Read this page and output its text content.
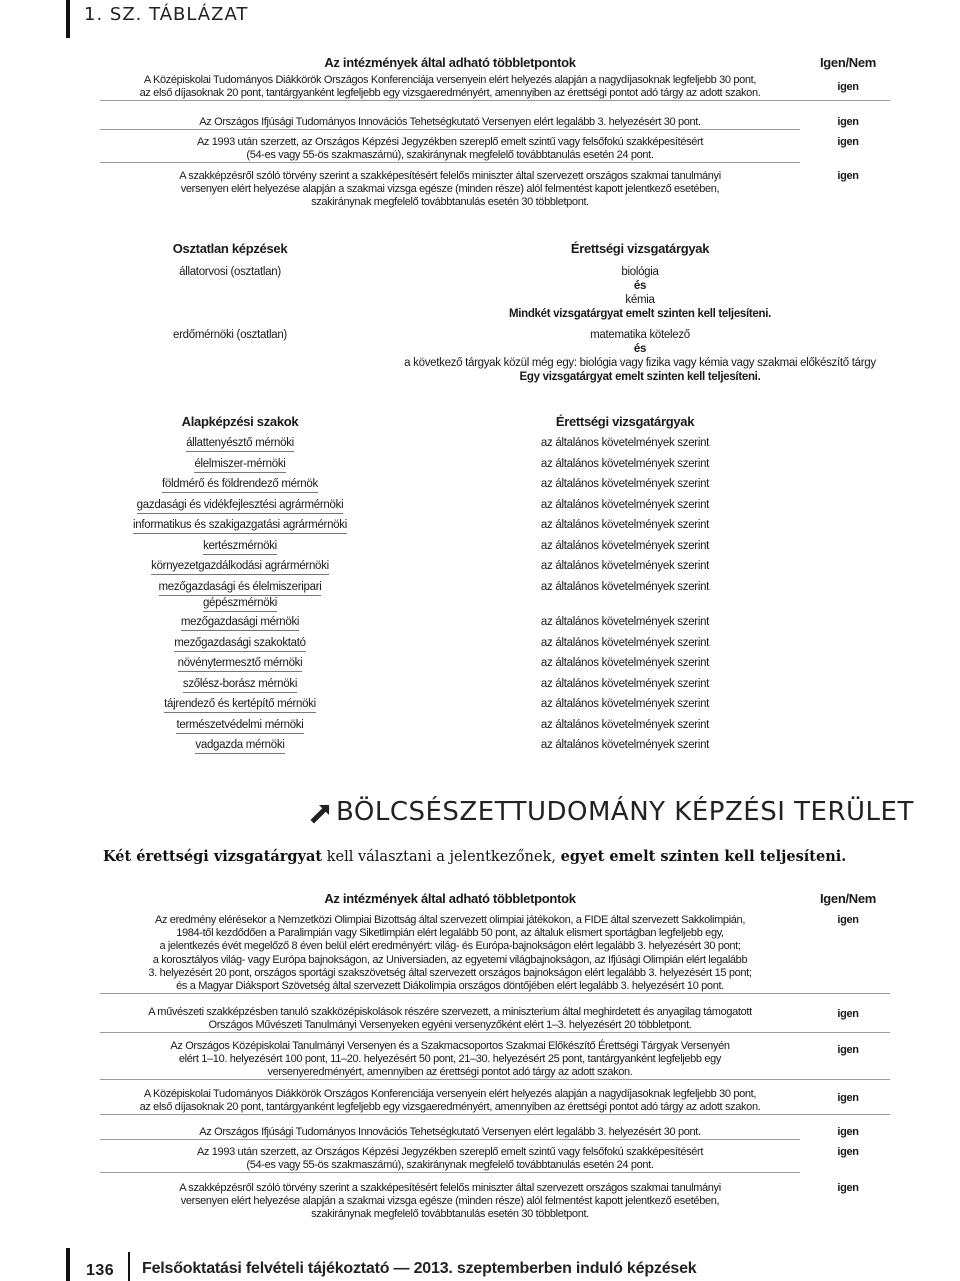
1. SZ. TÁBLÁZAT
Az intézmények által adható többletpontok	Igen/Nem
A Középiskolai Tudományos Diákkörök Országos Konferenciája versenyein elért helyezés alapján a nagydíjasoknak legfeljebb 30 pont,
az első díjasoknak 20 pont, tantárgyanként legfeljebb egy vizsgaeredményért, amennyiben az érettségi pontot adó tárgy az adott szakon.
igen
Az Országos Ifjúsági Tudományos Innovációs Tehetségkutató Versenyen elért legalább 3. helyezésért 30 pont.	igen
Az 1993 után szerzett, az Országos Képzési Jegyzékben szereplő emelt szintű vagy felsőfokú szakképesítésért
(54-es vagy 55-ös szakmaszámú), szakiránynak megfelelő továbbtanulás esetén 24 pont.
igen
A szakképzésről szóló törvény szerint a szakképesítésért felelős miniszter által szervezett országos szakmai tanulmányi
versenyen elért helyezése alapján a szakmai vizsga egésze (minden része) alól felmentést kapott jelentkező esetében,
szakiránynak megfelelő továbbtanulás esetén 30 többletpont.
igen
Osztatlan képzések	Érettségi vizsgatárgyak
állatorvosi (osztatlan)	biológia
és
kémia
Mindkét vizsgatárgyat emelt szinten kell teljesíteni.
erdőmérnöki (osztatlan)	matematika kötelező
és
a következő tárgyak közül még egy: biológia vagy fizika vagy kémia vagy szakmai előkészítő tárgy
Egy vizsgatárgyat emelt szinten kell teljesíteni.
Alapképzési szakok	Érettségi vizsgatárgyak
állattenyésztő mérnöki	az általános követelmények szerint
élelmiszer-mérnöki	az általános követelmények szerint
földmérő és földrendező mérnök	az általános követelmények szerint
gazdasági és vidékfejlesztési agrármérnöki	az általános követelmények szerint
informatikus és szakigazgatási agrármérnöki	az általános követelmények szerint
kertészmérnöki	az általános követelmények szerint
környezetgazdálkodási agrármérnöki	az általános követelmények szerint
mezőgazdasági és élelmiszeripari
gépészmérnöki
az általános követelmények szerint
mezőgazdasági mérnöki	az általános követelmények szerint
mezőgazdasági szakoktató	az általános követelmények szerint
növénytermesztő mérnöki	az általános követelmények szerint
szőlész-borász mérnöki	az általános követelmények szerint
tájrendező és kertépítő mérnöki	az általános követelmények szerint
természetvédelmi mérnöki	az általános követelmények szerint
vadgazda mérnöki	az általános követelmények szerint
BÖLCSÉSZETTUDOMÁNY KÉPZÉSI TERÜLET
Két érettségi vizsgatárgyat kell választani a jelentkezőnek, egyet emelt szinten kell teljesíteni.
Az intézmények által adható többletpontok	Igen/Nem
Az eredmény elérésekor a Nemzetközi Olimpiai Bizottság által szervezett olimpiai játékokon, a FIDE által szervezett Sakkolimpián,
1984-től kezdődően a Paralimpián vagy Siketlimpián elért legalább 50 pont, az általuk elismert sportágban legfeljebb egy,
a jelentkezés évét megelőző 8 éven belül elért eredményért: világ- és Európa-bajnokságon elért legalább 3. helyezésért 30 pont;
a korosztályos világ- vagy Európa bajnokságon, az Universiaden, az egyetemi világbajnokságon, az Ifjúsági Olimpián elért legalább
3. helyezésért 20 pont, országos sportági szakszövetség által szervezett országos bajnokságon elért legalább 3. helyezésért 15 pont;
és a Magyar Diáksport Szövetség által szervezett Diákolimpia országos döntőjében elért legalább 3. helyezésért 10 pont.
igen
A művészeti szakképzésben tanuló szakközépiskolások részére szervezett, a miniszterium által meghirdetett és anyagilag támogatott
Országos Művészeti Tanulmányi Versenyeken egyéni versenyzőként elért 1–3. helyezésért 20 többletpont.
igen
Az Országos Középiskolai Tanulmányi Versenyen és a Szakmacsoportos Szakmai Előkészítő Érettségi Tárgyak Versenyén
elért 1–10. helyezésért 100 pont, 11–20. helyezésért 50 pont, 21–30. helyezésért 25 pont, tantárgyanként legfeljebb egy
versenyeredményért, amennyiben az érettségi pontot adó tárgy az adott szakon.
igen
A Középiskolai Tudományos Diákkörök Országos Konferenciája versenyein elért helyezés alapján a nagydíjasoknak legfeljebb 30 pont,
az első díjasoknak 20 pont, tantárgyanként legfeljebb egy vizsgaeredményért, amennyiben az érettségi pontot adó tárgy az adott szakon.
igen
Az Országos Ifjúsági Tudományos Innovációs Tehetségkutató Versenyen elért legalább 3. helyezésért 30 pont.	igen
Az 1993 után szerzett, az Országos Képzési Jegyzékben szereplő emelt szintű vagy felsőfokú szakképesítésért
(54-es vagy 55-ös szakmaszámú), szakiránynak megfelelő továbbtanulás esetén 24 pont.
igen
A szakképzésről szóló törvény szerint a szakképesítésért felelős miniszter által szervezett országos szakmai tanulmányi
versenyen elért helyezése alapján a szakmai vizsga egésze (minden része) alól felmentést kapott jelentkező esetében,
szakiránynak megfelelő továbbtanulás esetén 30 többletpont.
igen
136 Felsőoktatási felvételi tájékoztató — 2013. szeptemberben induló képzések
